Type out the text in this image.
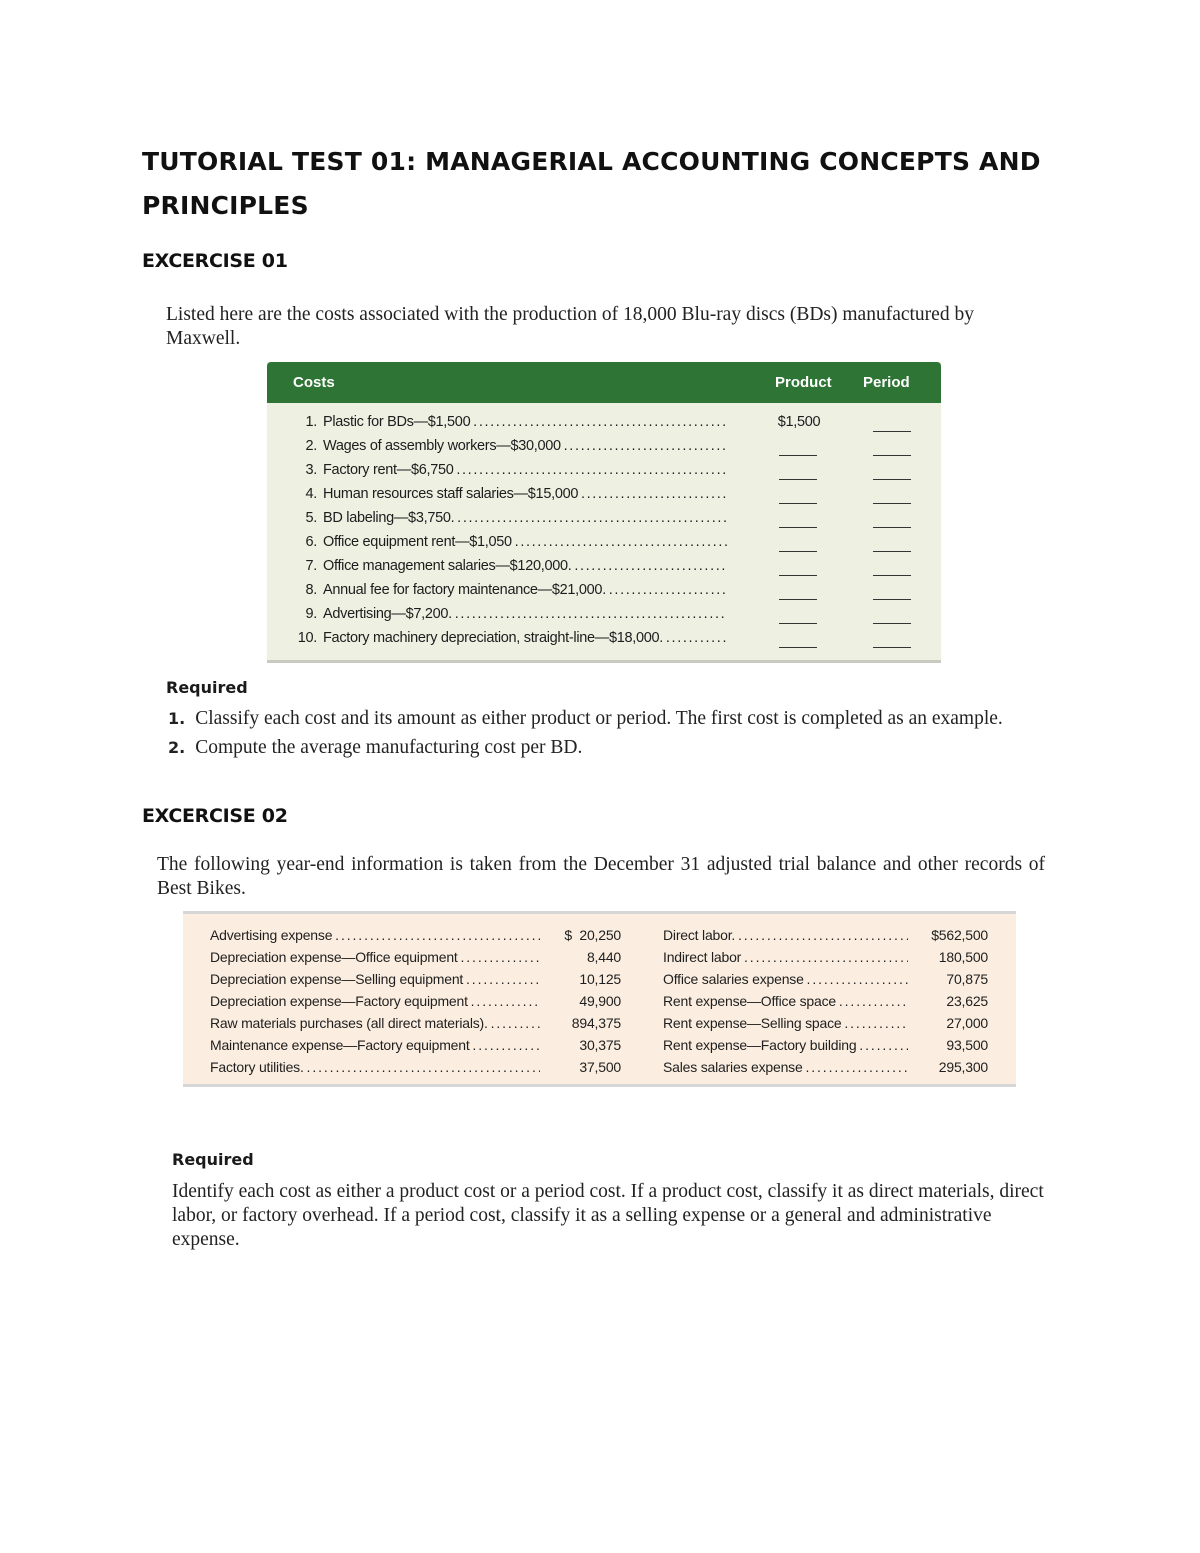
TUTORIAL TEST 01: MANAGERIAL ACCOUNTING CONCEPTS AND PRINCIPLES
EXCERCISE 01

Listed here are the costs associated with the production of 18,000 Blu-ray discs (BDs) manufactured by Maxwell.

Costs	Product Period
1. Plastic for BDs—$1,500 . . .	$1,500
2. Wages of assembly workers—$30,000 . . .
3. Factory rent—$6,750 . . .
4. Human resources staff salaries—$15,000 . . .
5. BD labeling—$3,750. . . .
6. Office equipment rent—$1,050 . . .
7. Office management salaries—$120,000. . . .
8. Annual fee for factory maintenance—$21,000. . . .
9. Advertising—$7,200. . . .
10. Factory machinery depreciation, straight-line—$18,000. . . .
Required
1. Classify each cost and its amount as either product or period. The first cost is completed as an example.
2. Compute the average manufacturing cost per BD.
EXCERCISE 02

The following year-end information is taken from the December 31 adjusted trial balance and other records of Best Bikes.

Advertising expense . . .	$  20,250
Depreciation expense—Office equipment . . .	8,440
Depreciation expense—Selling equipment . . .	10,125
Depreciation expense—Factory equipment . . .	49,900
Raw materials purchases (all direct materials). . . .	894,375
Maintenance expense—Factory equipment . . .	30,375
Factory utilities. . . .	37,500
Direct labor. . . .	$562,500
Indirect labor . . .	180,500
Office salaries expense . . .	70,875
Rent expense—Office space . . .	23,625
Rent expense—Selling space . . .	27,000
Rent expense—Factory building . . .	93,500
Sales salaries expense . . .	295,300
Required

Identify each cost as either a product cost or a period cost. If a product cost, classify it as direct materials, direct labor, or factory overhead. If a period cost, classify it as a selling expense or a general and administrative expense.
